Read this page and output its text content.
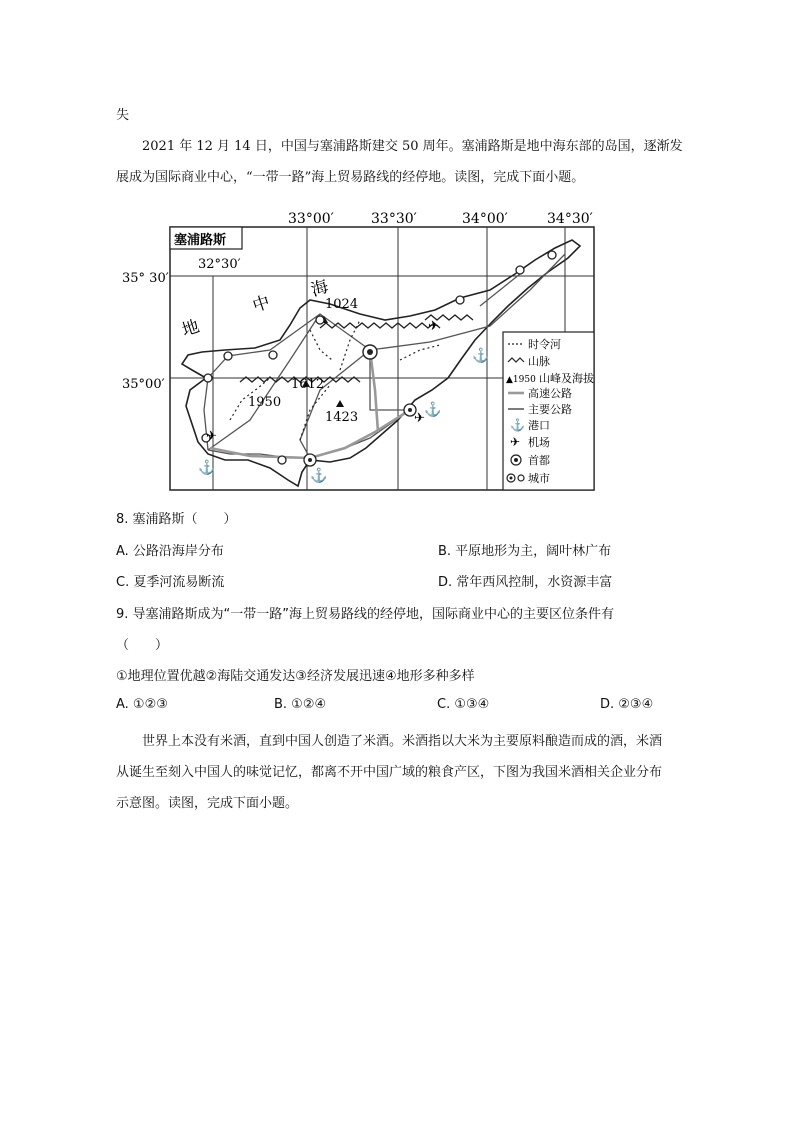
失
2021 年 12 月 14 日，中国与塞浦路斯建交 50 周年。塞浦路斯是地中海东部的岛国，逐渐发
展成为国际商业中心，“一带一路”海上贸易路线的经停地。读图，完成下面小题。
塞浦路斯
33°00′	33°30′	34°00′	34°30′
32°30′
35° 30′
35°00′
地
中
海
1024
1612
1950
1423
⚓	⚓
⚓
⚓
✈
✈
✈
时令河
山脉
▲1950 山峰及海拔
高速公路
主要公路
⚓ 港口
✈ 机场
首都
城市
8. 塞浦路斯（　　）
A. 公路沿海岸分布	B. 平原地形为主，阔叶林广布
C. 夏季河流易断流	D. 常年西风控制，水资源丰富
9. 导塞浦路斯成为“一带一路”海上贸易路线的经停地，国际商业中心的主要区位条件有
（　　）
①地理位置优越②海陆交通发达③经济发展迅速④地形多种多样
A. ①②③	B. ①②④	C. ①③④	D. ②③④
世界上本没有米酒，直到中国人创造了米酒。米酒指以大米为主要原料酿造而成的酒，米酒
从诞生至刻入中国人的味觉记忆，都离不开中国广域的粮食产区，下图为我国米酒相关企业分布
示意图。读图，完成下面小题。
